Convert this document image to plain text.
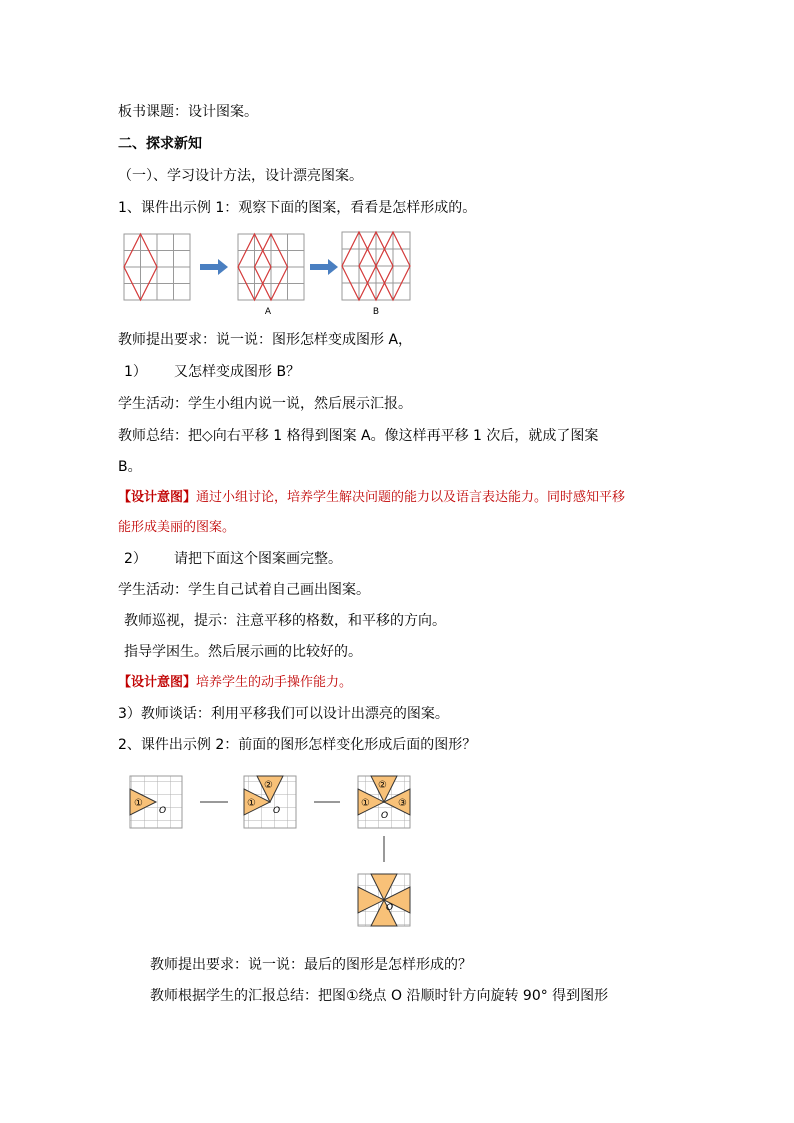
板书课题：设计图案。
二、探求新知
（一）、学习设计方法，设计漂亮图案。
1、课件出示例 1：观察下面的图案，看看是怎样形成的。
A	B
教师提出要求：说一说：图形怎样变成图形 A，
1） 又怎样变成图形 B？
学生活动：学生小组内说一说，然后展示汇报。
教师总结：把◇向右平移 1 格得到图案 A。像这样再平移 1 次后，就成了图案
B。
【设计意图】通过小组讨论，培养学生解决问题的能力以及语言表达能力。同时感知平移
能形成美丽的图案。
2） 请把下面这个图案画完整。
学生活动：学生自己试着自己画出图案。
教师巡视，提示：注意平移的格数，和平移的方向。
指导学困生。然后展示画的比较好的。
【设计意图】培养学生的动手操作能力。
3）教师谈话：利用平移我们可以设计出漂亮的图案。
2、课件出示例 2：前面的图形怎样变化形成后面的图形？
①
O
①
②
O
①
②
③
O
O
教师提出要求：说一说：最后的图形是怎样形成的？
教师根据学生的汇报总结：把图①绕点 O 沿顺时针方向旋转 90° 得到图形
